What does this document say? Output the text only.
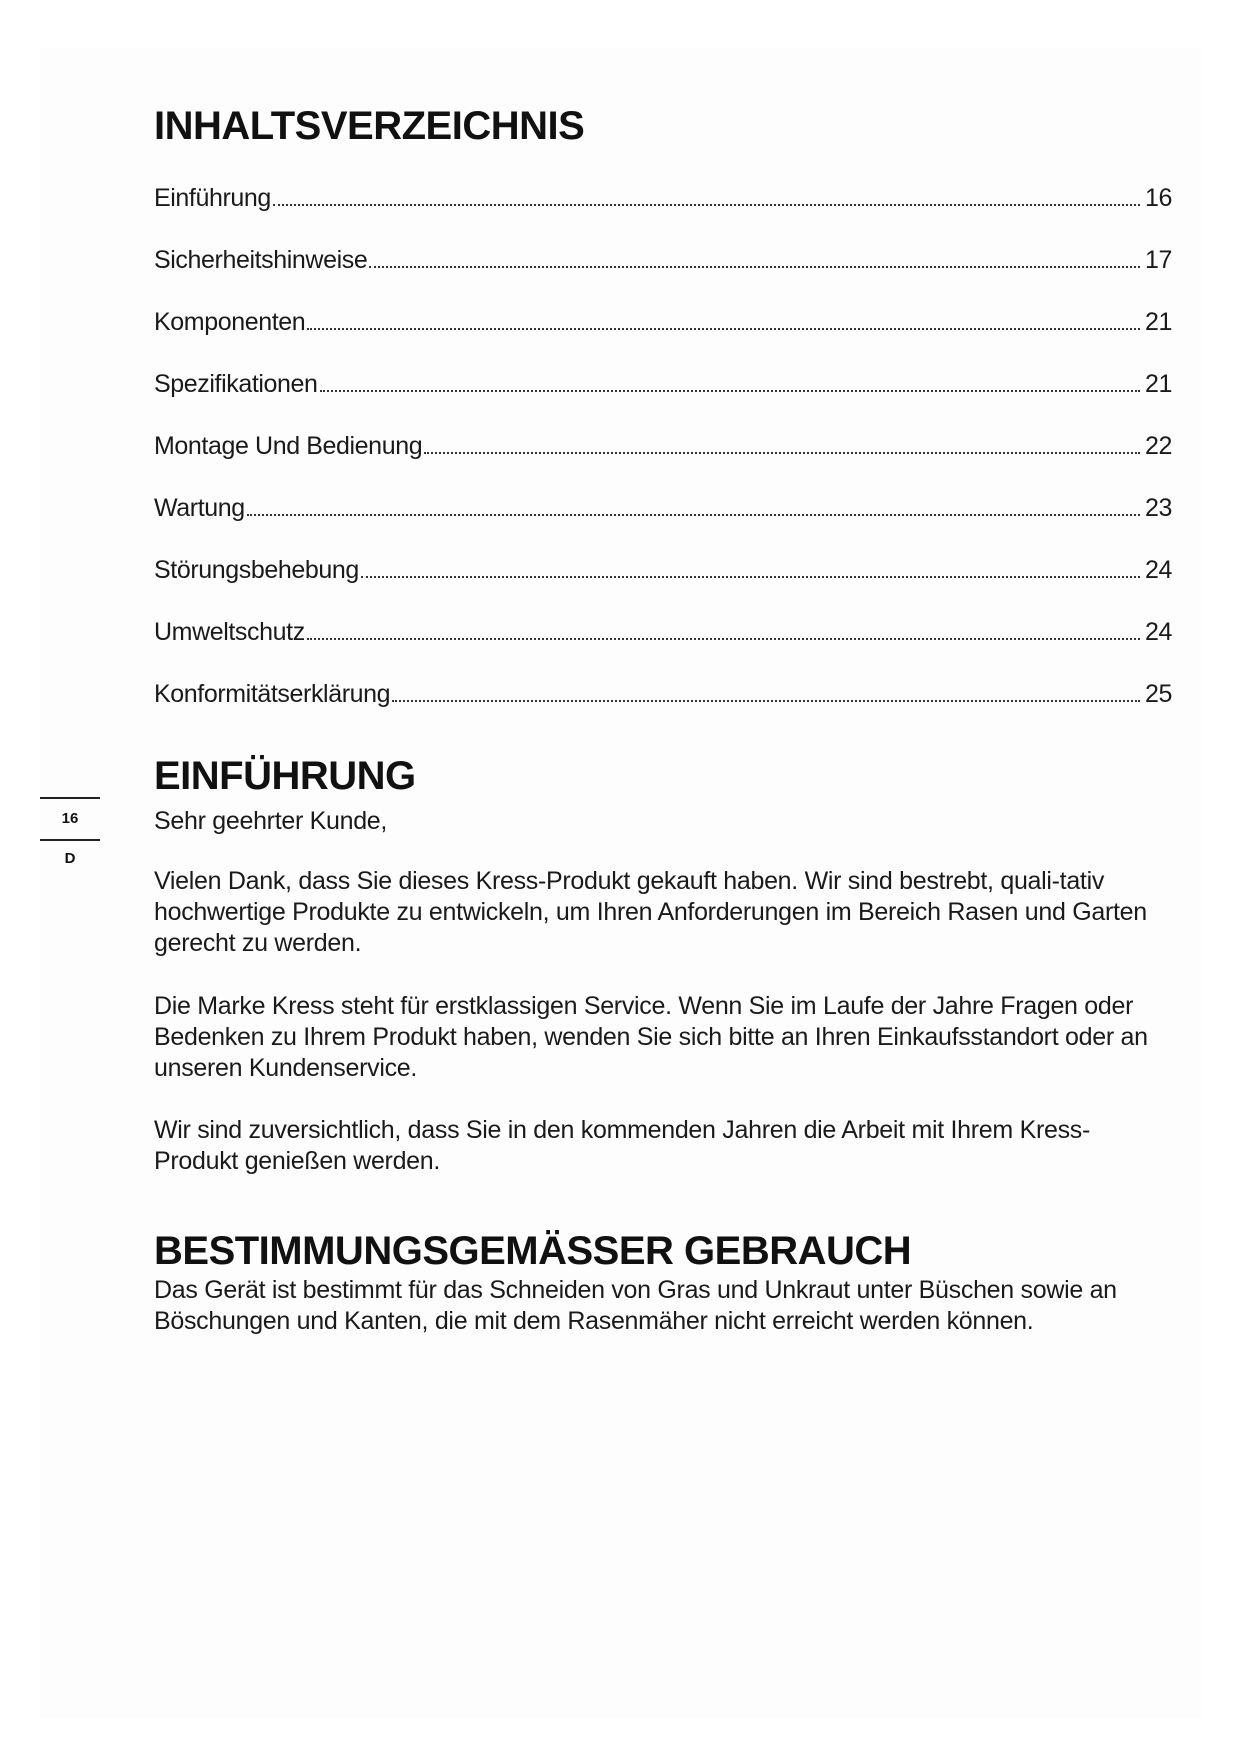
16
D
INHALTSVERZEICHNIS
Einführung	16
Sicherheitshinweise	17
Komponenten	21
Spezifikationen	21
Montage Und Bedienung	22
Wartung	23
Störungsbehebung	24
Umweltschutz	24
Konformitätserklärung	25
EINFÜHRUNG

Sehr geehrter Kunde,

Vielen Dank, dass Sie dieses Kress-Produkt gekauft haben. Wir sind bestrebt, quali-tativ hochwertige Produkte zu entwickeln, um Ihren Anforderungen im Bereich Rasen und Garten gerecht zu werden.

Die Marke Kress steht für erstklassigen Service. Wenn Sie im Laufe der Jahre Fragen oder Bedenken zu Ihrem Produkt haben, wenden Sie sich bitte an Ihren Einkaufsstandort oder an unseren Kundenservice.

Wir sind zuversichtlich, dass Sie in den kommenden Jahren die Arbeit mit Ihrem Kress-Produkt genießen werden.

BESTIMMUNGSGEMÄSSER GEBRAUCH

Das Gerät ist bestimmt für das Schneiden von Gras und Unkraut unter Büschen sowie an Böschungen und Kanten, die mit dem Rasenmäher nicht erreicht werden können.
